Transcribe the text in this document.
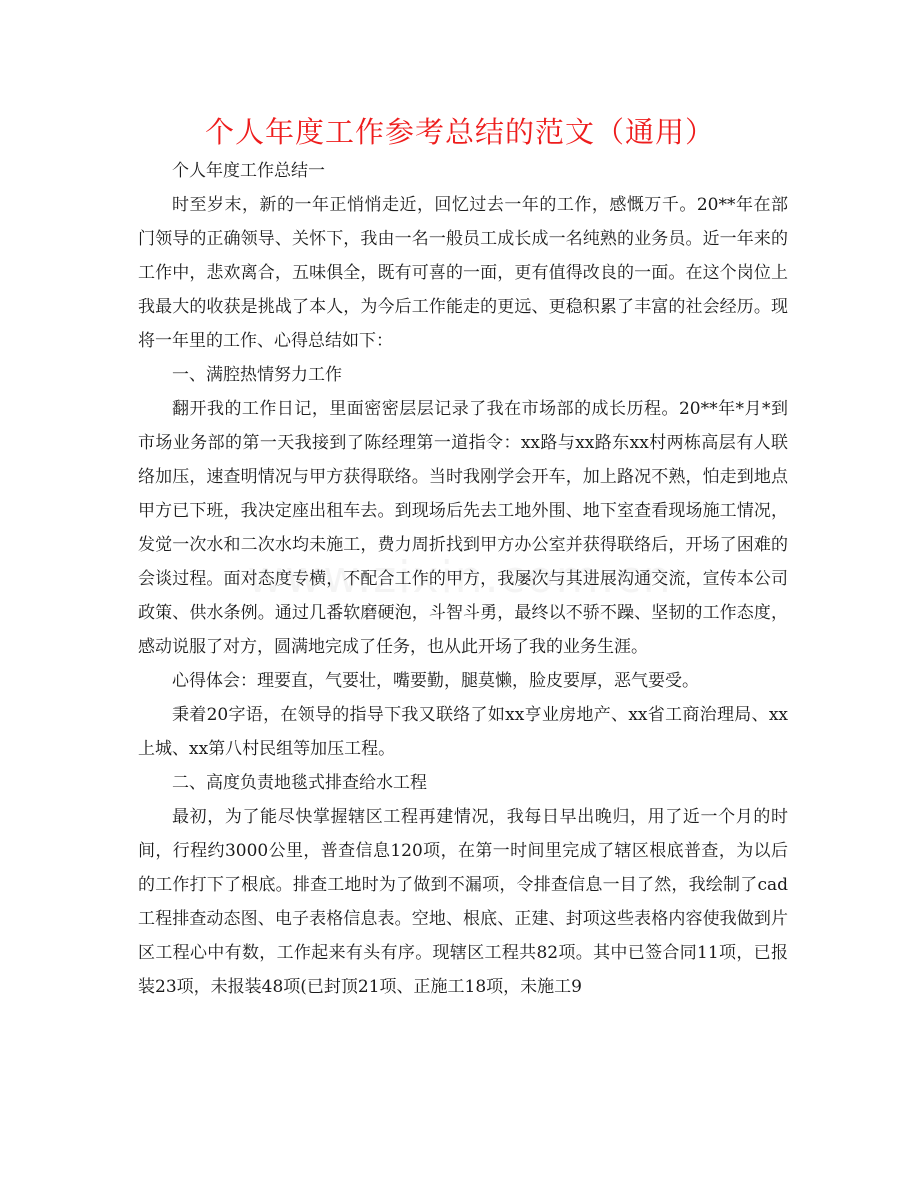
个人年度工作参考总结的范文（通用）

个人年度工作总结一

时至岁末，新的一年正悄悄走近，回忆过去一年的工作，感慨万千。20**年在部门领导的正确领导、关怀下，我由一名一般员工成长成一名纯熟的业务员。近一年来的工作中，悲欢离合，五味俱全，既有可喜的一面，更有值得改良的一面。在这个岗位上我最大的收获是挑战了本人，为今后工作能走的更远、更稳积累了丰富的社会经历。现将一年里的工作、心得总结如下：

一、满腔热情努力工作

翻开我的工作日记，里面密密层层记录了我在市场部的成长历程。20**年*月*到市场业务部的第一天我接到了陈经理第一道指令：xx路与xx路东xx村两栋高层有人联络加压，速查明情况与甲方获得联络。当时我刚学会开车，加上路况不熟，怕走到地点甲方已下班，我决定座出租车去。到现场后先去工地外围、地下室查看现场施工情况，发觉一次水和二次水均未施工，费力周折找到甲方办公室并获得联络后，开场了困难的会谈过程。面对态度专横，不配合工作的甲方，我屡次与其进展沟通交流，宣传本公司政策、供水条例。通过几番软磨硬泡，斗智斗勇，最终以不骄不躁、坚韧的工作态度，感动说服了对方，圆满地完成了任务，也从此开场了我的业务生涯。

心得体会：理要直，气要壮，嘴要勤，腿莫懒，脸皮要厚，恶气要受。

秉着20字语，在领导的指导下我又联络了如xx亨业房地产、xx省工商治理局、xx上城、xx第八村民组等加压工程。

二、高度负责地毯式排查给水工程

最初，为了能尽快掌握辖区工程再建情况，我每日早出晚归，用了近一个月的时间，行程约3000公里，普查信息120项，在第一时间里完成了辖区根底普查，为以后的工作打下了根底。排查工地时为了做到不漏项，令排查信息一目了然，我绘制了cad工程排查动态图、电子表格信息表。空地、根底、正建、封项这些表格内容使我做到片区工程心中有数，工作起来有头有序。现辖区工程共82项。其中已签合同11项，已报装23项，未报装48项(已封顶21项、正施工18项，未施工9
